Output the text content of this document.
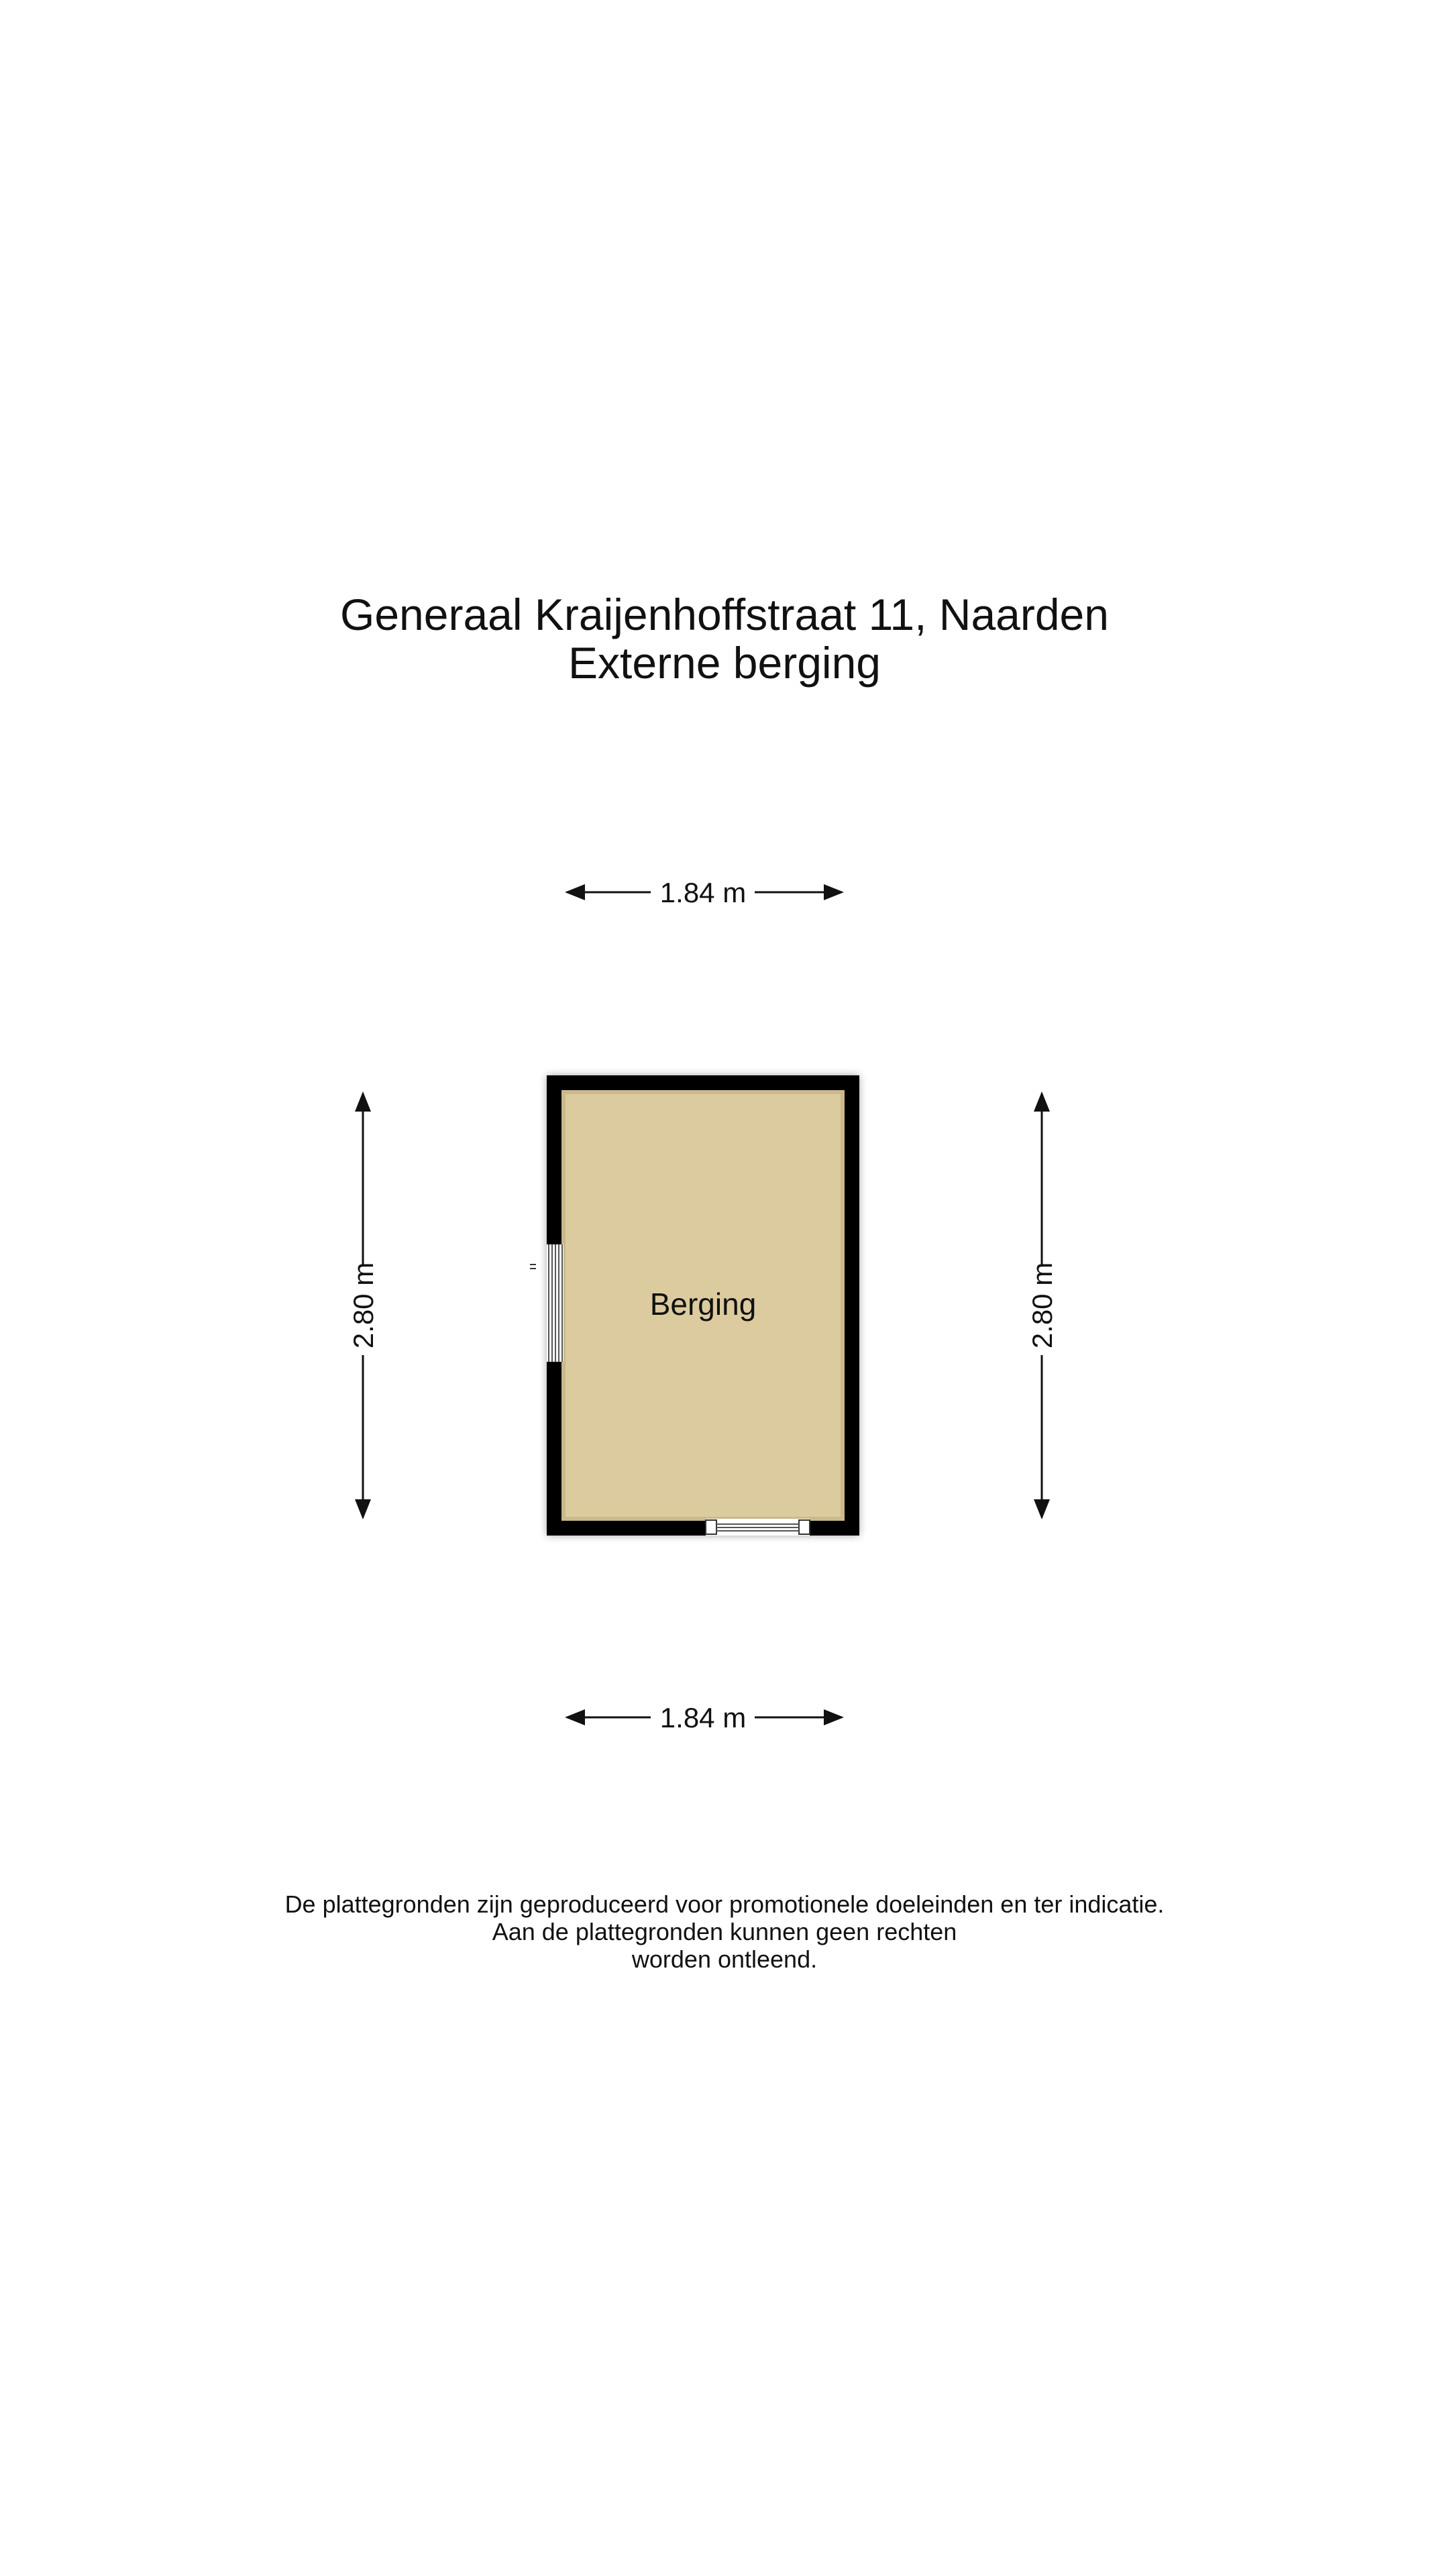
Generaal Kraijenhoffstraat 11, Naarden
Externe berging
1.84 m
1.84 m
2.80 m	2.80 m
Berging
De plattegronden zijn geproduceerd voor promotionele doeleinden en ter indicatie.
Aan de plattegronden kunnen geen rechten
worden ontleend.
